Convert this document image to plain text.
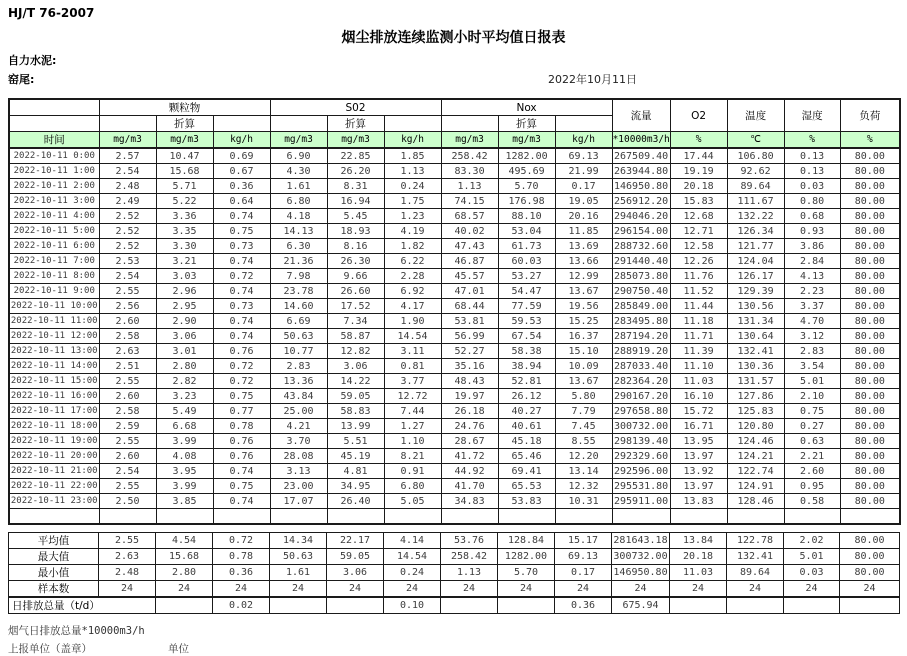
HJ/T 76-2007
烟尘排放连续监测小时平均值日报表
自力水泥:
窑尾:	2022年10月11日
	颗粒物			S02			Nox			流量	O2	温度	湿度	负荷
		折算			折算			折算						
时间	mg/m3	mg/m3	kg/h	mg/m3	mg/m3	kg/h	mg/m3	mg/m3	kg/h	*10000m3/h	%	℃	%	%
2022-10-11 0:00	2.57	10.47	0.69	6.90	22.85	1.85	258.42	1282.00	69.13	267509.40	17.44	106.80	0.13	80.00
2022-10-11 1:00	2.54	15.68	0.67	4.30	26.20	1.13	83.30	495.69	21.99	263944.80	19.19	92.62	0.13	80.00
2022-10-11 2:00	2.48	5.71	0.36	1.61	8.31	0.24	1.13	5.70	0.17	146950.80	20.18	89.64	0.03	80.00
2022-10-11 3:00	2.49	5.22	0.64	6.80	16.94	1.75	74.15	176.98	19.05	256912.20	15.83	111.67	0.80	80.00
2022-10-11 4:00	2.52	3.36	0.74	4.18	5.45	1.23	68.57	88.10	20.16	294046.20	12.68	132.22	0.68	80.00
2022-10-11 5:00	2.52	3.35	0.75	14.13	18.93	4.19	40.02	53.04	11.85	296154.00	12.71	126.34	0.93	80.00
2022-10-11 6:00	2.52	3.30	0.73	6.30	8.16	1.82	47.43	61.73	13.69	288732.60	12.58	121.77	3.86	80.00
2022-10-11 7:00	2.53	3.21	0.74	21.36	26.30	6.22	46.87	60.03	13.66	291440.40	12.26	124.04	2.84	80.00
2022-10-11 8:00	2.54	3.03	0.72	7.98	9.66	2.28	45.57	53.27	12.99	285073.80	11.76	126.17	4.13	80.00
2022-10-11 9:00	2.55	2.96	0.74	23.78	26.60	6.92	47.01	54.47	13.67	290750.40	11.52	129.39	2.23	80.00
2022-10-11 10:00	2.56	2.95	0.73	14.60	17.52	4.17	68.44	77.59	19.56	285849.00	11.44	130.56	3.37	80.00
2022-10-11 11:00	2.60	2.90	0.74	6.69	7.34	1.90	53.81	59.53	15.25	283495.80	11.18	131.34	4.70	80.00
2022-10-11 12:00	2.58	3.06	0.74	50.63	58.87	14.54	56.99	67.54	16.37	287194.20	11.71	130.64	3.12	80.00
2022-10-11 13:00	2.63	3.01	0.76	10.77	12.82	3.11	52.27	58.38	15.10	288919.20	11.39	132.41	2.83	80.00
2022-10-11 14:00	2.51	2.80	0.72	2.83	3.06	0.81	35.16	38.94	10.09	287033.40	11.10	130.36	3.54	80.00
2022-10-11 15:00	2.55	2.82	0.72	13.36	14.22	3.77	48.43	52.81	13.67	282364.20	11.03	131.57	5.01	80.00
2022-10-11 16:00	2.60	3.23	0.75	43.84	59.05	12.72	19.97	26.12	5.80	290167.20	16.10	127.86	2.10	80.00
2022-10-11 17:00	2.58	5.49	0.77	25.00	58.83	7.44	26.18	40.27	7.79	297658.80	15.72	125.83	0.75	80.00
2022-10-11 18:00	2.59	6.68	0.78	4.21	13.99	1.27	24.76	40.61	7.45	300732.00	16.71	120.80	0.27	80.00
2022-10-11 19:00	2.55	3.99	0.76	3.70	5.51	1.10	28.67	45.18	8.55	298139.40	13.95	124.46	0.63	80.00
2022-10-11 20:00	2.60	4.08	0.76	28.08	45.19	8.21	41.72	65.46	12.20	292329.60	13.97	124.21	2.21	80.00
2022-10-11 21:00	2.54	3.95	0.74	3.13	4.81	0.91	44.92	69.41	13.14	292596.00	13.92	122.74	2.60	80.00
2022-10-11 22:00	2.55	3.99	0.75	23.00	34.95	6.80	41.70	65.53	12.32	295531.80	13.97	124.91	0.95	80.00
2022-10-11 23:00	2.50	3.85	0.74	17.07	26.40	5.05	34.83	53.83	10.31	295911.00	13.83	128.46	0.58	80.00

平均值	2.55	4.54	0.72	14.34	22.17	4.14	53.76	128.84	15.17	281643.18	13.84	122.78	2.02	80.00
最大值	2.63	15.68	0.78	50.63	59.05	14.54	258.42	1282.00	69.13	300732.00	20.18	132.41	5.01	80.00
最小值	2.48	2.80	0.36	1.61	3.06	0.24	1.13	5.70	0.17	146950.80	11.03	89.64	0.03	80.00
样本数	24	24	24	24	24	24	24	24	24	24	24	24	24	24
日排放总量（t/d）			0.02			0.10			0.36	675.94				
烟气日排放总量*10000m3/h
上报单位（盖章）	单位
